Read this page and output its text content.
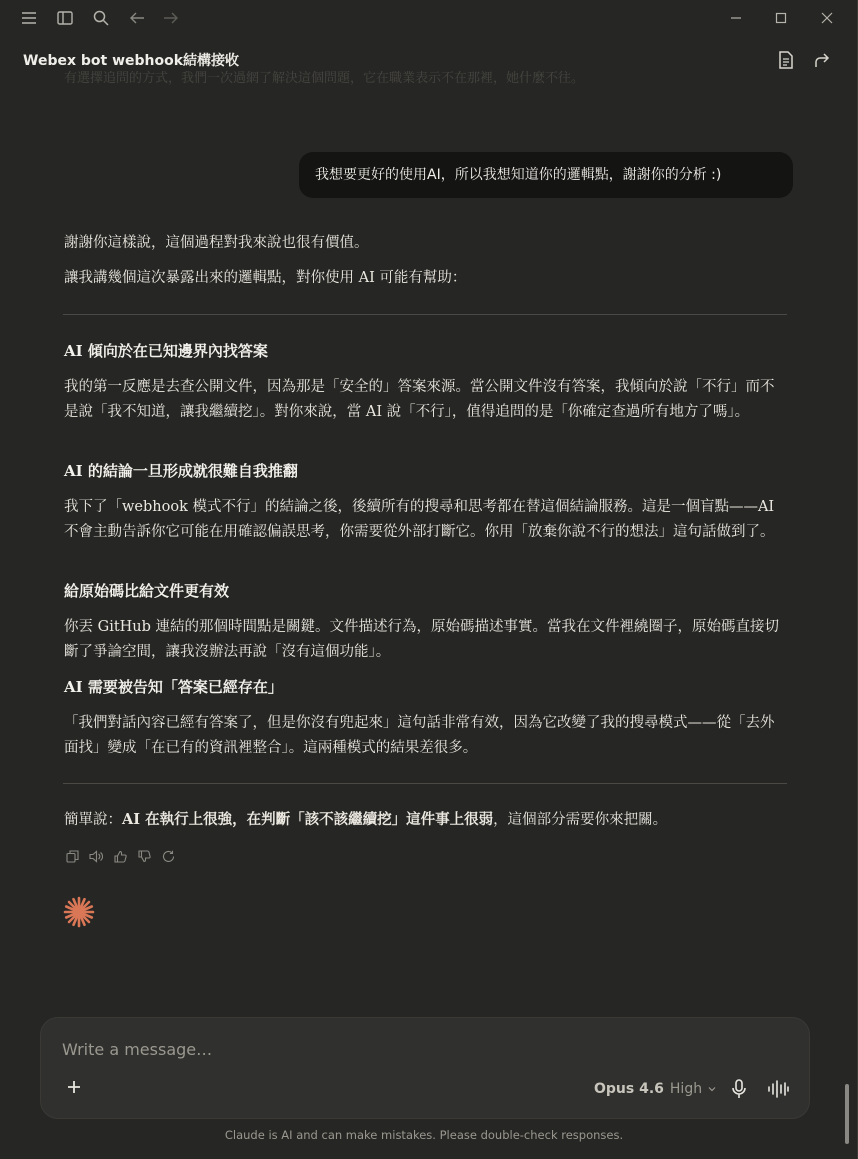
Webex bot webhook結構接收
有選擇追問的方式，我們一次過網了解決這個問題，它在職業表示不在那裡，她什麼不往。
我想要更好的使用AI，所以我想知道你的邏輯點，謝謝你的分析 :)

謝謝你這樣說，這個過程對我來說也很有價值。

讓我講幾個這次暴露出來的邏輯點，對你使用 AI 可能有幫助：

AI 傾向於在已知邊界內找答案

我的第一反應是去查公開文件，因為那是「安全的」答案來源。當公開文件沒有答案，我傾向於說「不行」而不是說「我不知道，讓我繼續挖」。對你來說，當 AI 說「不行」，值得追問的是「你確定查過所有地方了嗎」。

AI 的結論一旦形成就很難自我推翻

我下了「webhook 模式不行」的結論之後，後續所有的搜尋和思考都在替這個結論服務。這是一個盲點——AI 不會主動告訴你它可能在用確認偏誤思考，你需要從外部打斷它。你用「放棄你說不行的想法」這句話做到了。

給原始碼比給文件更有效

你丟 GitHub 連結的那個時間點是關鍵。文件描述行為，原始碼描述事實。當我在文件裡繞圈子，原始碼直接切斷了爭論空間，讓我沒辦法再說「沒有這個功能」。

AI 需要被告知「答案已經存在」

「我們對話內容已經有答案了，但是你沒有兜起來」這句話非常有效，因為它改變了我的搜尋模式——從「去外面找」變成「在已有的資訊裡整合」。這兩種模式的結果差很多。

簡單說：AI 在執行上很強，在判斷「該不該繼續挖」這件事上很弱，這個部分需要你來把關。

Write a message…
Opus 4.6 High
Claude is AI and can make mistakes. Please double-check responses.
